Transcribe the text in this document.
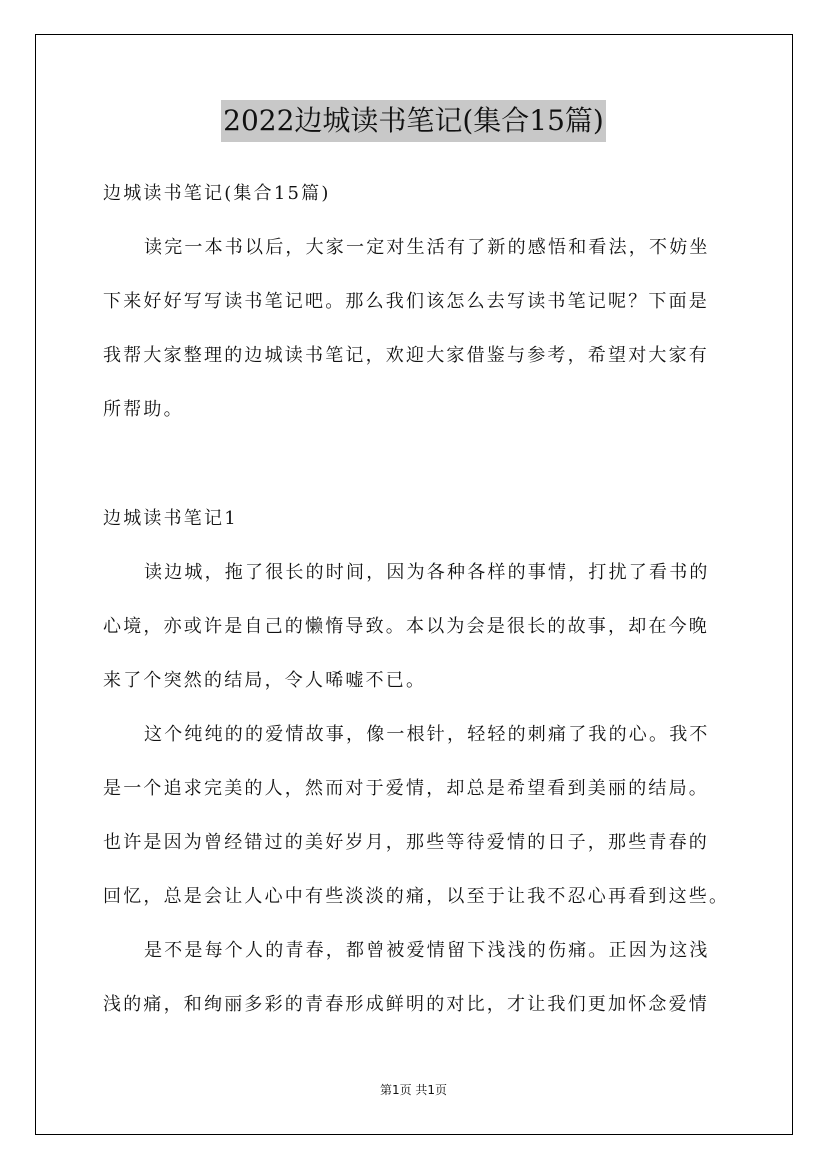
2022边城读书笔记(集合15篇)
边城读书笔记(集合15篇)
读完一本书以后，大家一定对生活有了新的感悟和看法，不妨坐
下来好好写写读书笔记吧。那么我们该怎么去写读书笔记呢？下面是
我帮大家整理的边城读书笔记，欢迎大家借鉴与参考，希望对大家有
所帮助。
边城读书笔记1
读边城，拖了很长的时间，因为各种各样的事情，打扰了看书的
心境，亦或许是自己的懒惰导致。本以为会是很长的故事，却在今晚
来了个突然的结局，令人唏嘘不已。
这个纯纯的的爱情故事，像一根针，轻轻的刺痛了我的心。我不
是一个追求完美的人，然而对于爱情，却总是希望看到美丽的结局。
也许是因为曾经错过的美好岁月，那些等待爱情的日子，那些青春的
回忆，总是会让人心中有些淡淡的痛，以至于让我不忍心再看到这些。
是不是每个人的青春，都曾被爱情留下浅浅的伤痛。正因为这浅
浅的痛，和绚丽多彩的青春形成鲜明的对比，才让我们更加怀念爱情
第1页 共1页
